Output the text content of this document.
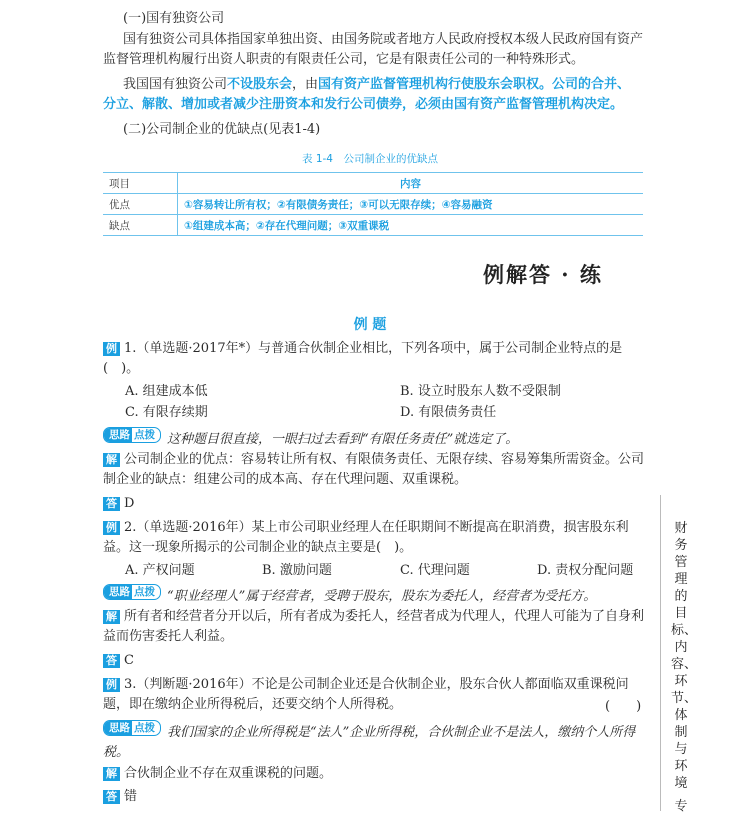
(一)国有独资公司
国有独资公司具体指国家单独出资、由国务院或者地方人民政府授权本级人民政府国有资产监督管理机构履行出资人职责的有限责任公司，它是有限责任公司的一种特殊形式。
我国国有独资公司不设股东会，由国有资产监督管理机构行使股东会职权。公司的合并、分立、解散、增加或者减少注册资本和发行公司债券，必须由国有资产监督管理机构决定。
(二)公司制企业的优缺点(见表1-4)
表 1-4　公司制企业的优缺点
项目	内容
优点	①容易转让所有权；②有限债务责任；③可以无限存续；④容易融资
缺点	①组建成本高；②存在代理问题；③双重课税
例解答 · 练
例 题
例 1.（单选题·2017年*）与普通合伙制企业相比，下列各项中，属于公司制企业特点的是(　)。
A. 组建成本低	B. 设立时股东人数不受限制
C. 有限存续期	D. 有限债务责任
思路 点拨 这种题目很直接，一眼扫过去看到“有限任务责任”就选定了。
解 公司制企业的优点：容易转让所有权、有限债务责任、无限存续、容易筹集所需资金。公司制企业的缺点：组建公司的成本高、存在代理问题、双重课税。
答 D
例 2.（单选题·2016年）某上市公司职业经理人在任职期间不断提高在职消费，损害股东利益。这一现象所揭示的公司制企业的缺点主要是(　)。
A. 产权问题	B. 激励问题	C. 代理问题	D. 责权分配问题
思路 点拨 “职业经理人”属于经营者，受聘于股东，股东为委托人，经营者为受托方。
解 所有者和经营者分开以后，所有者成为委托人，经营者成为代理人，代理人可能为了自身利益而伤害委托人利益。
答 C
例 3.（判断题·2016年）不论是公司制企业还是合伙制企业，股东合伙人都面临双重课税问题，即在缴纳企业所得税后，还要交纳个人所得税。	(　　)
思路 点拨 我们国家的企业所得税是“法人”企业所得税，合伙制企业不是法人，缴纳个人所得税。
解 合伙制企业不存在双重课税的问题。
答 错
财务管理的目标、内容、环节、体制与环境
专
